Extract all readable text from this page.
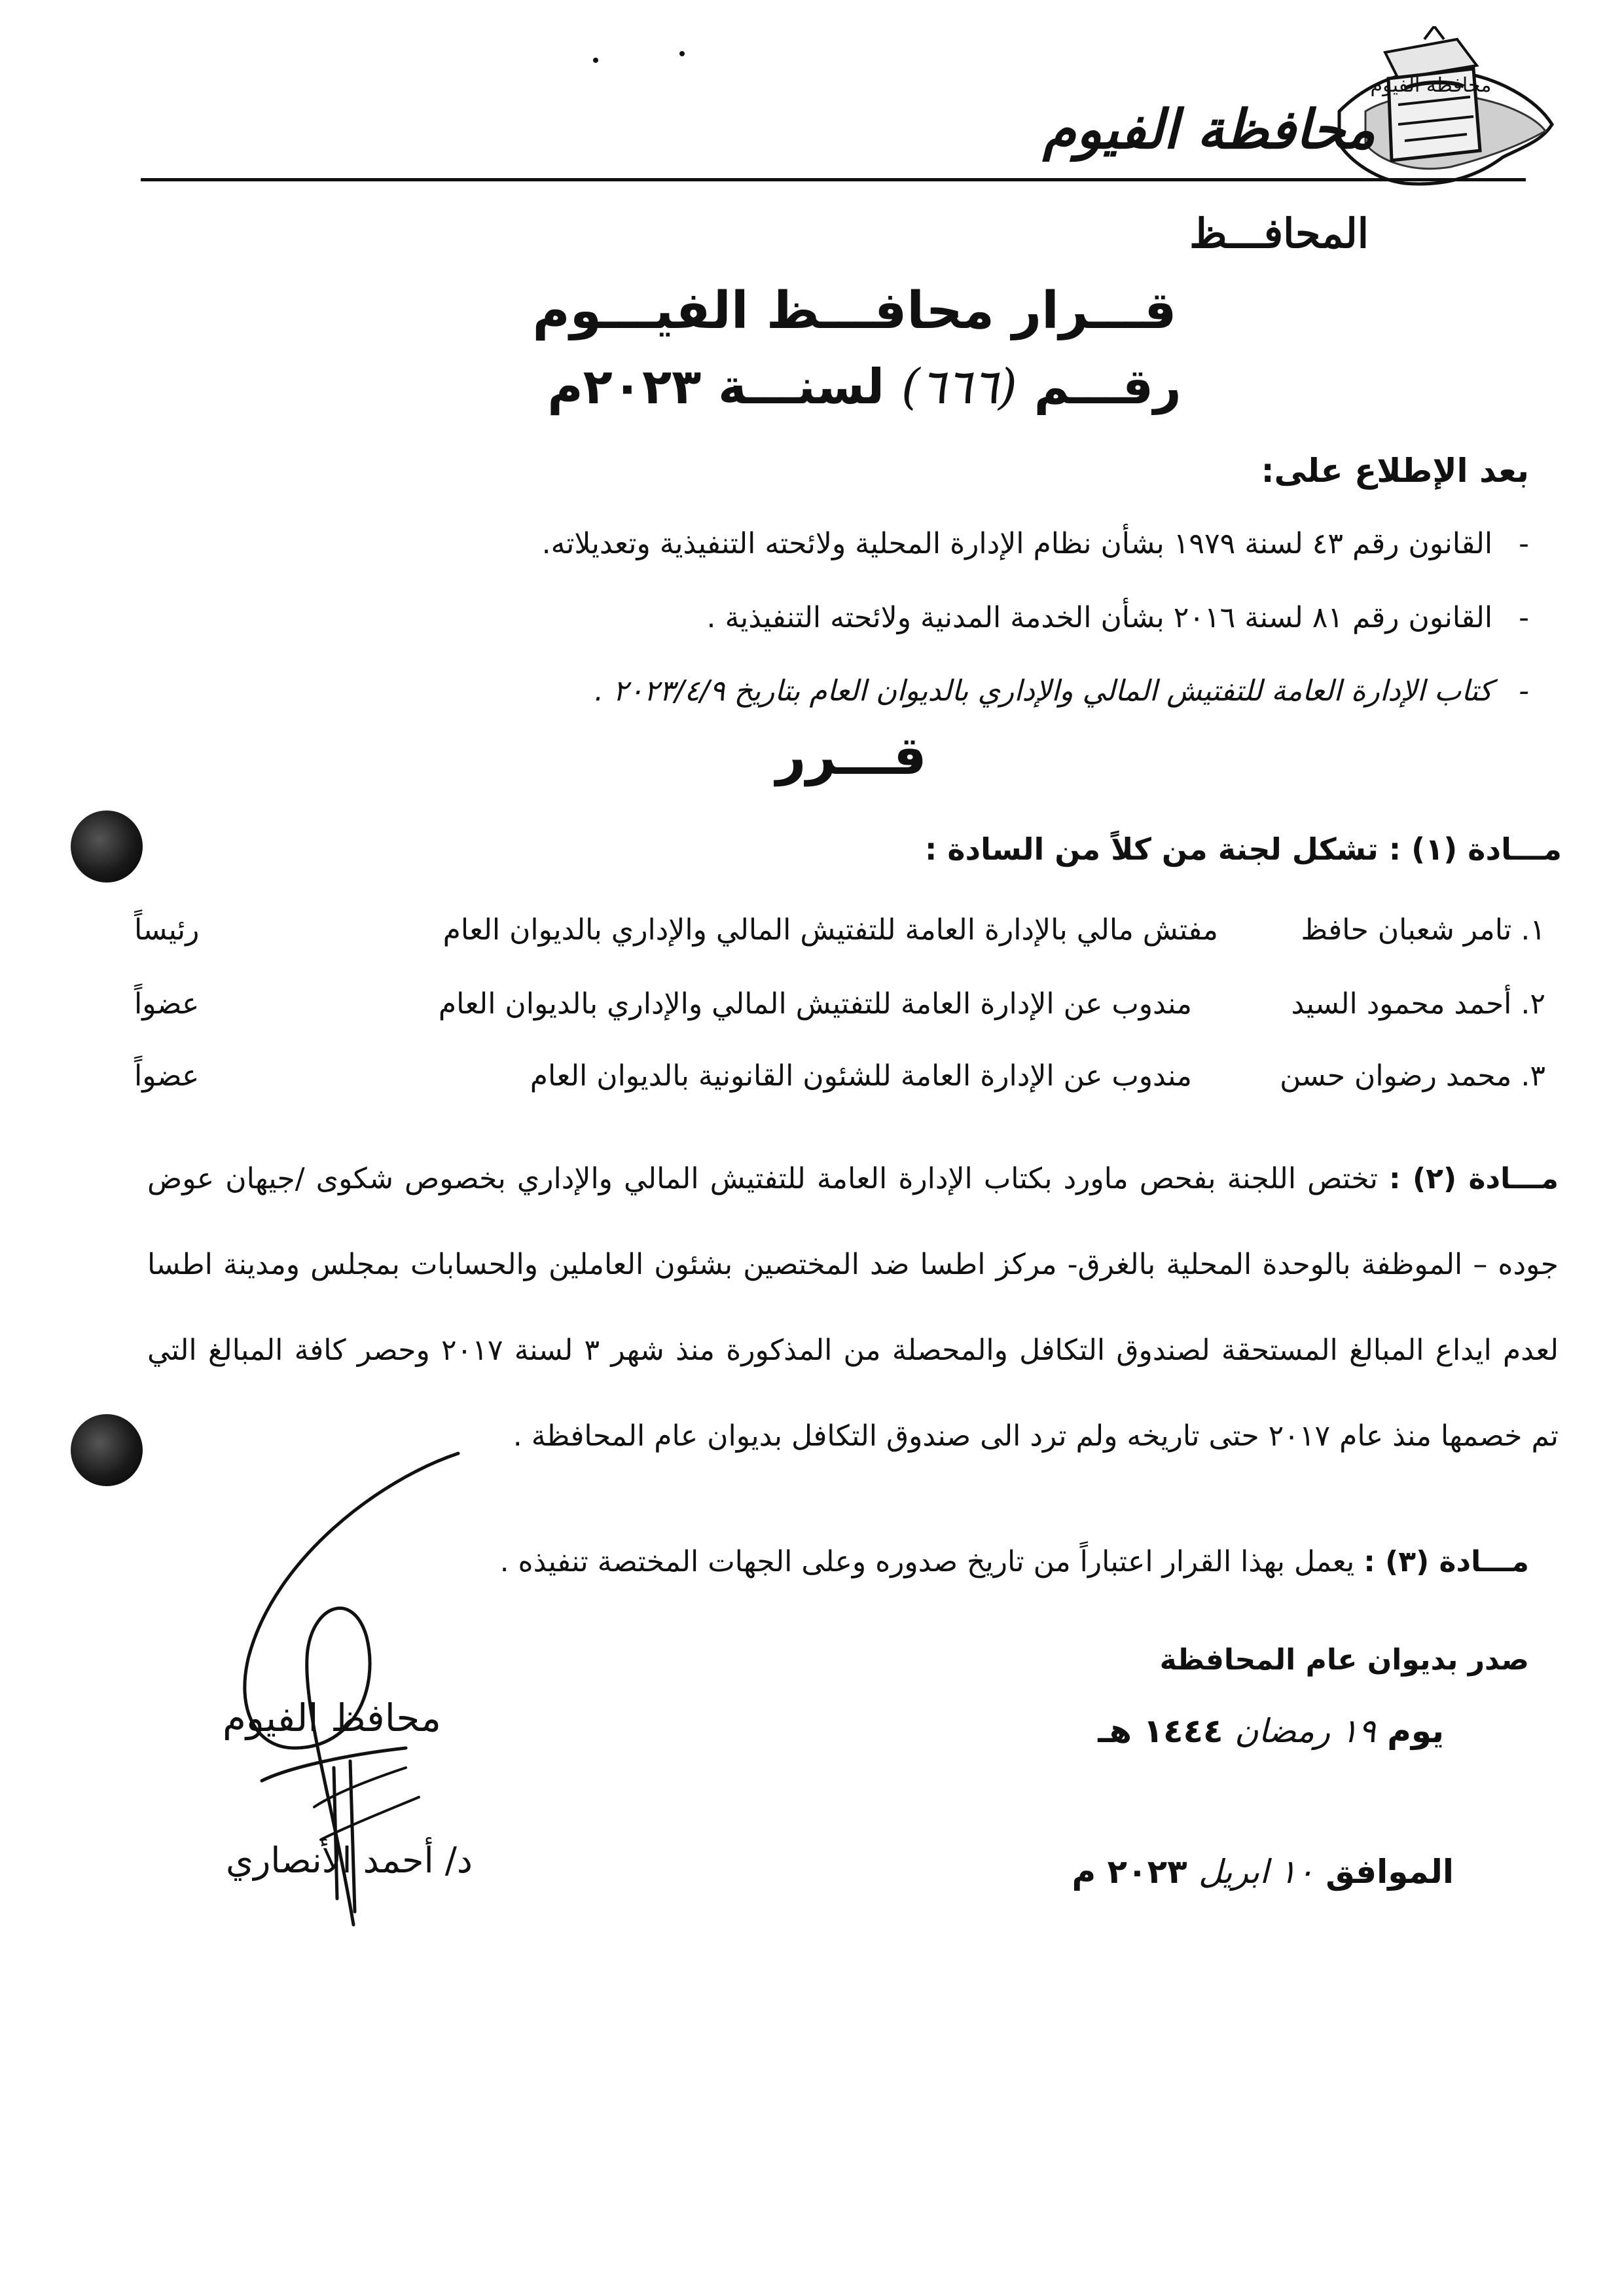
محافظة الفيوم
محافظة الفيوم
المحافـــظ
قـــرار محافـــظ الفيـــوم
رقـــم (٦٦٦) لسنـــة ٢٠٢٣م
بعد الإطلاع على:
-القانون رقم ٤٣ لسنة ١٩٧٩ بشأن نظام الإدارة المحلية ولائحته التنفيذية وتعديلاته.
-القانون رقم ٨١ لسنة ٢٠١٦ بشأن الخدمة المدنية ولائحته التنفيذية .
-كتاب الإدارة العامة للتفتيش المالي والإداري بالديوان العام بتاريخ ٢٠٢٣/٤/٩ .
قـــرر
مـــادة (١) : تشكل لجنة من كلاً من السادة :
١. تامر شعبان حافظ
مفتش مالي بالإدارة العامة للتفتيش المالي والإداري بالديوان العام
رئيساً
٢. أحمد محمود السيد
مندوب عن الإدارة العامة للتفتيش المالي والإداري بالديوان العام
عضواً
٣. محمد رضوان حسن
مندوب عن الإدارة العامة للشئون القانونية بالديوان العام
عضواً
مـــادة (٢) : تختص اللجنة بفحص ماورد بكتاب الإدارة العامة للتفتيش المالي والإداري بخصوص شكوى /جيهان عوض جوده – الموظفة بالوحدة المحلية بالغرق- مركز اطسا ضد المختصين بشئون العاملين والحسابات بمجلس ومدينة اطسا لعدم ايداع المبالغ المستحقة لصندوق التكافل والمحصلة من المذكورة منذ شهر ٣ لسنة ٢٠١٧ وحصر كافة المبالغ التي تم خصمها منذ عام ٢٠١٧ حتى تاريخه ولم ترد الى صندوق التكافل بديوان عام المحافظة .
مـــادة (٣) : يعمل بهذا القرار اعتباراً من تاريخ صدوره وعلى الجهات المختصة تنفيذه .
صدر بديوان عام المحافظة
يوم ١٩ رمضان ١٤٤٤ هـ
الموافق ١٠ ابريل ٢٠٢٣ م
محافظ الفيوم
د/ أحمد الأنصاري
